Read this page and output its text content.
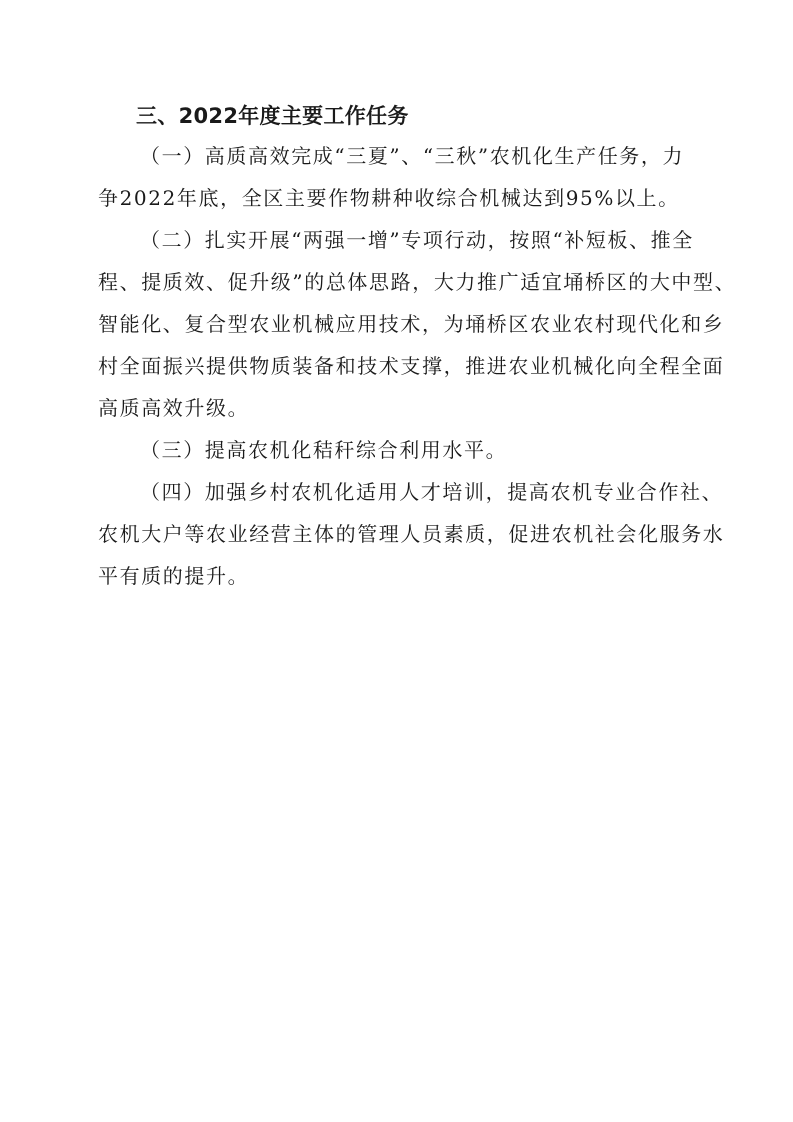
三、2022年度主要工作任务

（一）高质高效完成“三夏”、“三秋”农机化生产任务，力
争2022年底，全区主要作物耕种收综合机械达到95%以上。

（二）扎实开展“两强一增”专项行动，按照“补短板、推全
程、提质效、促升级”的总体思路，大力推广适宜埇桥区的大中型、
智能化、复合型农业机械应用技术，为埇桥区农业农村现代化和乡
村全面振兴提供物质装备和技术支撑，推进农业机械化向全程全面
高质高效升级。

（三）提高农机化秸秆综合利用水平。

（四）加强乡村农机化适用人才培训，提高农机专业合作社、
农机大户等农业经营主体的管理人员素质，促进农机社会化服务水
平有质的提升。
